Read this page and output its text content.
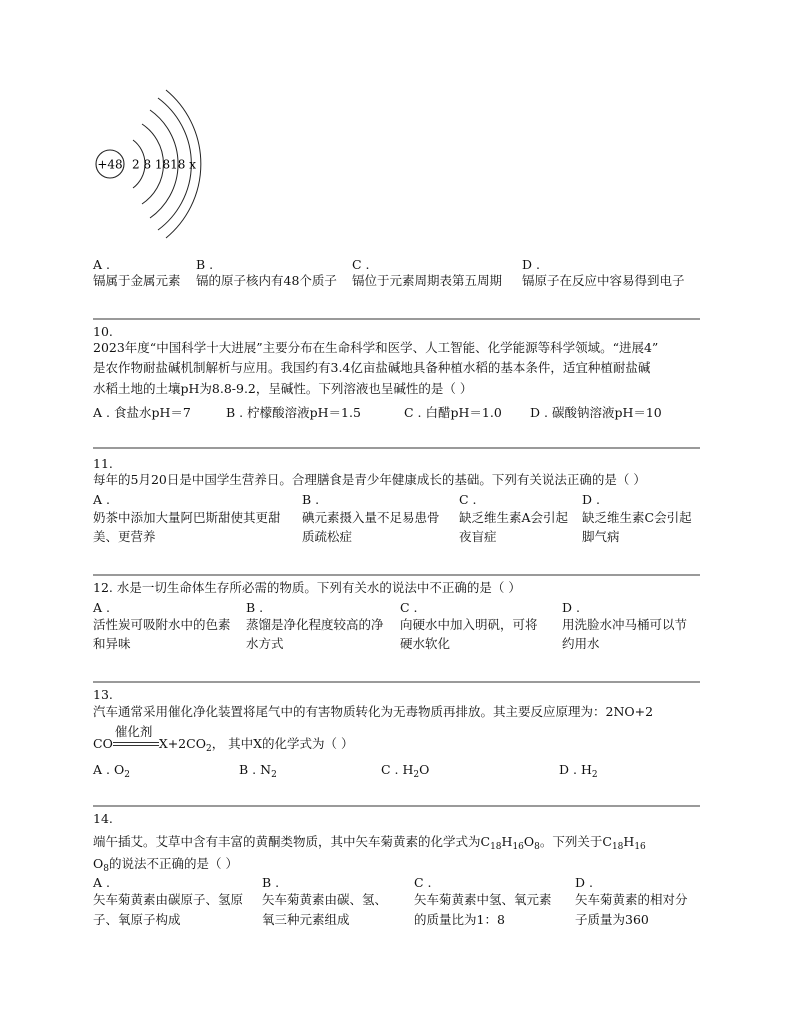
+48 2 8 1818 x
A .
镉属于金属元素
B .
镉的原子核内有48个质子
C .
镉位于元素周期表第五周期
D .
镉原子在反应中容易得到电子
10.
2023年度“中国科学十大进展”主要分布在生命科学和医学、人工智能、化学能源等科学领域。“进展4”
是农作物耐盐碱机制解析与应用。我国约有3.4亿亩盐碱地具备种植水稻的基本条件，适宜种植耐盐碱
水稻土地的土壤pH为8.8-9.2，呈碱性。下列溶液也呈碱性的是（ ）
A . 食盐水pH＝7	B . 柠檬酸溶液pH＝1.5	C . 白醋pH＝1.0 D . 碳酸钠溶液pH＝10
11.
每年的5月20日是中国学生营养日。合理膳食是青少年健康成长的基础。下列有关说法正确的是（ ）
A .
奶茶中添加大量阿巴斯甜使其更甜
美、更营养
B .
碘元素摄入量不足易患骨
质疏松症
C .
缺乏维生素A会引起
夜盲症
D .
缺乏维生素C会引起
脚气病
12. 水是一切生命体生存所必需的物质。下列有关水的说法中不正确的是（ ）
A .
活性炭可吸附水中的色素
和异味
B .
蒸馏是净化程度较高的净
水方式
C .
向硬水中加入明矾，可将
硬水软化
D .
用洗脸水冲马桶可以节
约用水
13.
汽车通常采用催化净化装置将尾气中的有害物质转化为无毒物质再排放。其主要反应原理为：2NO+2
CO
催化剂
$X+2CO_2$， 其中X的化学式为（ ）
A . $O_2$	B . $N_2$	C . $H_2O$	D . $H_2$
14.
端午插艾。艾草中含有丰富的黄酮类物质，其中矢车菊黄素的化学式为$C_{18}H_{16}O_8$。下列关于$C_{18}H_{16}$
$O_8$的说法不正确的是（ ）
A .
矢车菊黄素由碳原子、氢原
子、氧原子构成
B .
矢车菊黄素由碳、氢、
氧三种元素组成
C .
矢车菊黄素中氢、氧元素
的质量比为1：8
D .
矢车菊黄素的相对分
子质量为360
